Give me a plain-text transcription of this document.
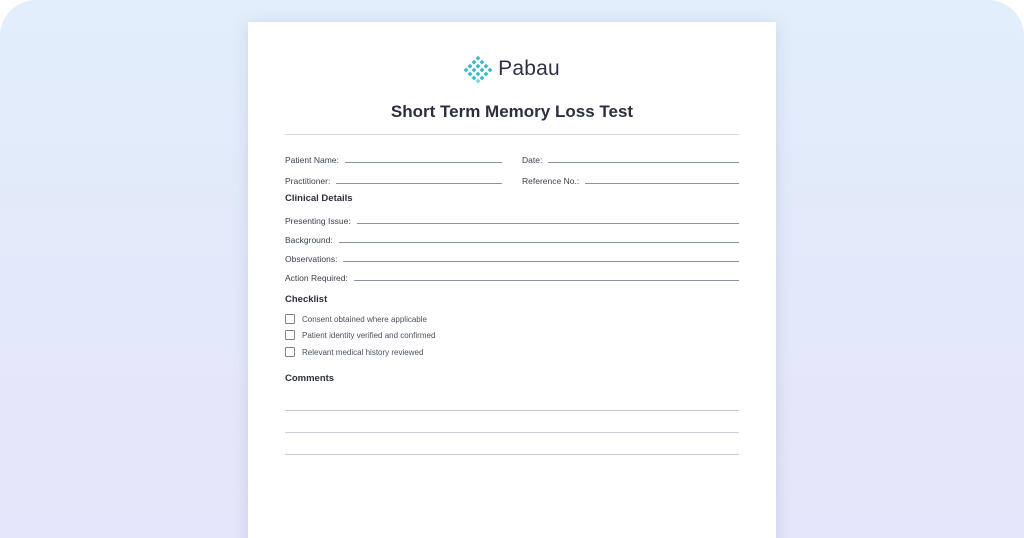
Pabau
Short Term Memory Loss Test
Patient Name:	Date:
Practitioner:	Reference No.:
Clinical Details
Presenting Issue:
Background:
Observations:
Action Required:
Checklist
Consent obtained where applicable
Patient identity verified and confirmed
Relevant medical history reviewed
Comments
